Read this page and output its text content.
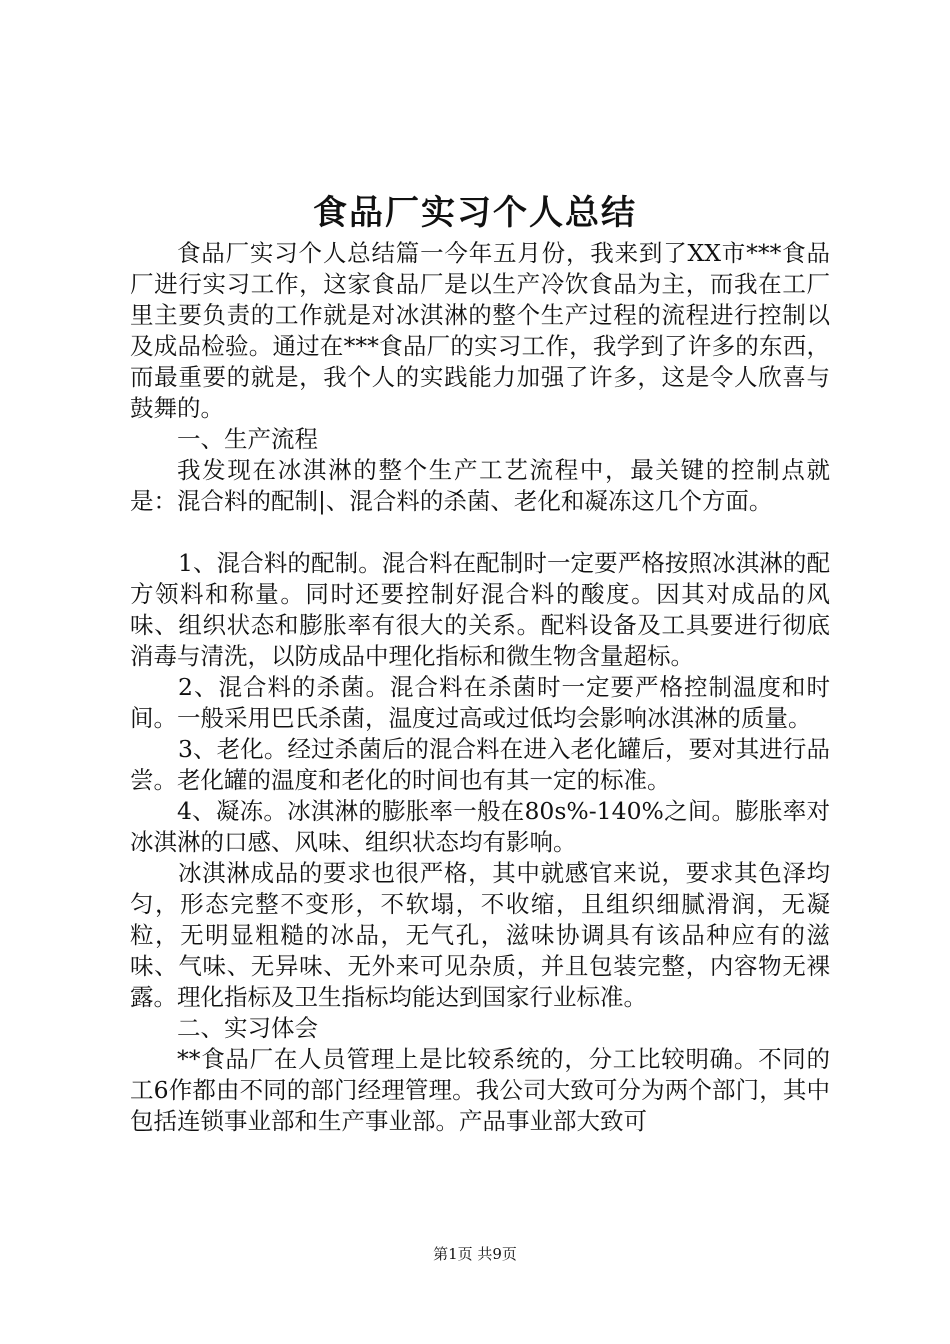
食品厂实习个人总结

食品厂实习个人总结篇一今年五月份，我来到了XX市***食品厂进行实习工作，这家食品厂是以生产冷饮食品为主，而我在工厂里主要负责的工作就是对冰淇淋的整个生产过程的流程进行控制以及成品检验。通过在***食品厂的实习工作，我学到了许多的东西，而最重要的就是，我个人的实践能力加强了许多，这是令人欣喜与鼓舞的。

一、生产流程

我发现在冰淇淋的整个生产工艺流程中，最关键的控制点就是：混合料的配制|、混合料的杀菌、老化和凝冻这几个方面。

1、混合料的配制。混合料在配制时一定要严格按照冰淇淋的配方领料和称量。同时还要控制好混合料的酸度。因其对成品的风味、组织状态和膨胀率有很大的关系。配料设备及工具要进行彻底消毒与清洗，以防成品中理化指标和微生物含量超标。

2、混合料的杀菌。混合料在杀菌时一定要严格控制温度和时间。一般采用巴氏杀菌，温度过高或过低均会影响冰淇淋的质量。

3、老化。经过杀菌后的混合料在进入老化罐后，要对其进行品尝。老化罐的温度和老化的时间也有其一定的标准。

4、凝冻。冰淇淋的膨胀率一般在80s%-140%之间。膨胀率对冰淇淋的口感、风味、组织状态均有影响。

冰淇淋成品的要求也很严格，其中就感官来说，要求其色泽均匀，形态完整不变形，不软塌，不收缩，且组织细腻滑润，无凝粒，无明显粗糙的冰品，无气孔，滋味协调具有该品种应有的滋味、气味、无异味、无外来可见杂质，并且包装完整，内容物无裸露。理化指标及卫生指标均能达到国家行业标准。

二、实习体会

**食品厂在人员管理上是比较系统的，分工比较明确。不同的工6作都由不同的部门经理管理。我公司大致可分为两个部门，其中包括连锁事业部和生产事业部。产品事业部大致可

第1页 共9页
